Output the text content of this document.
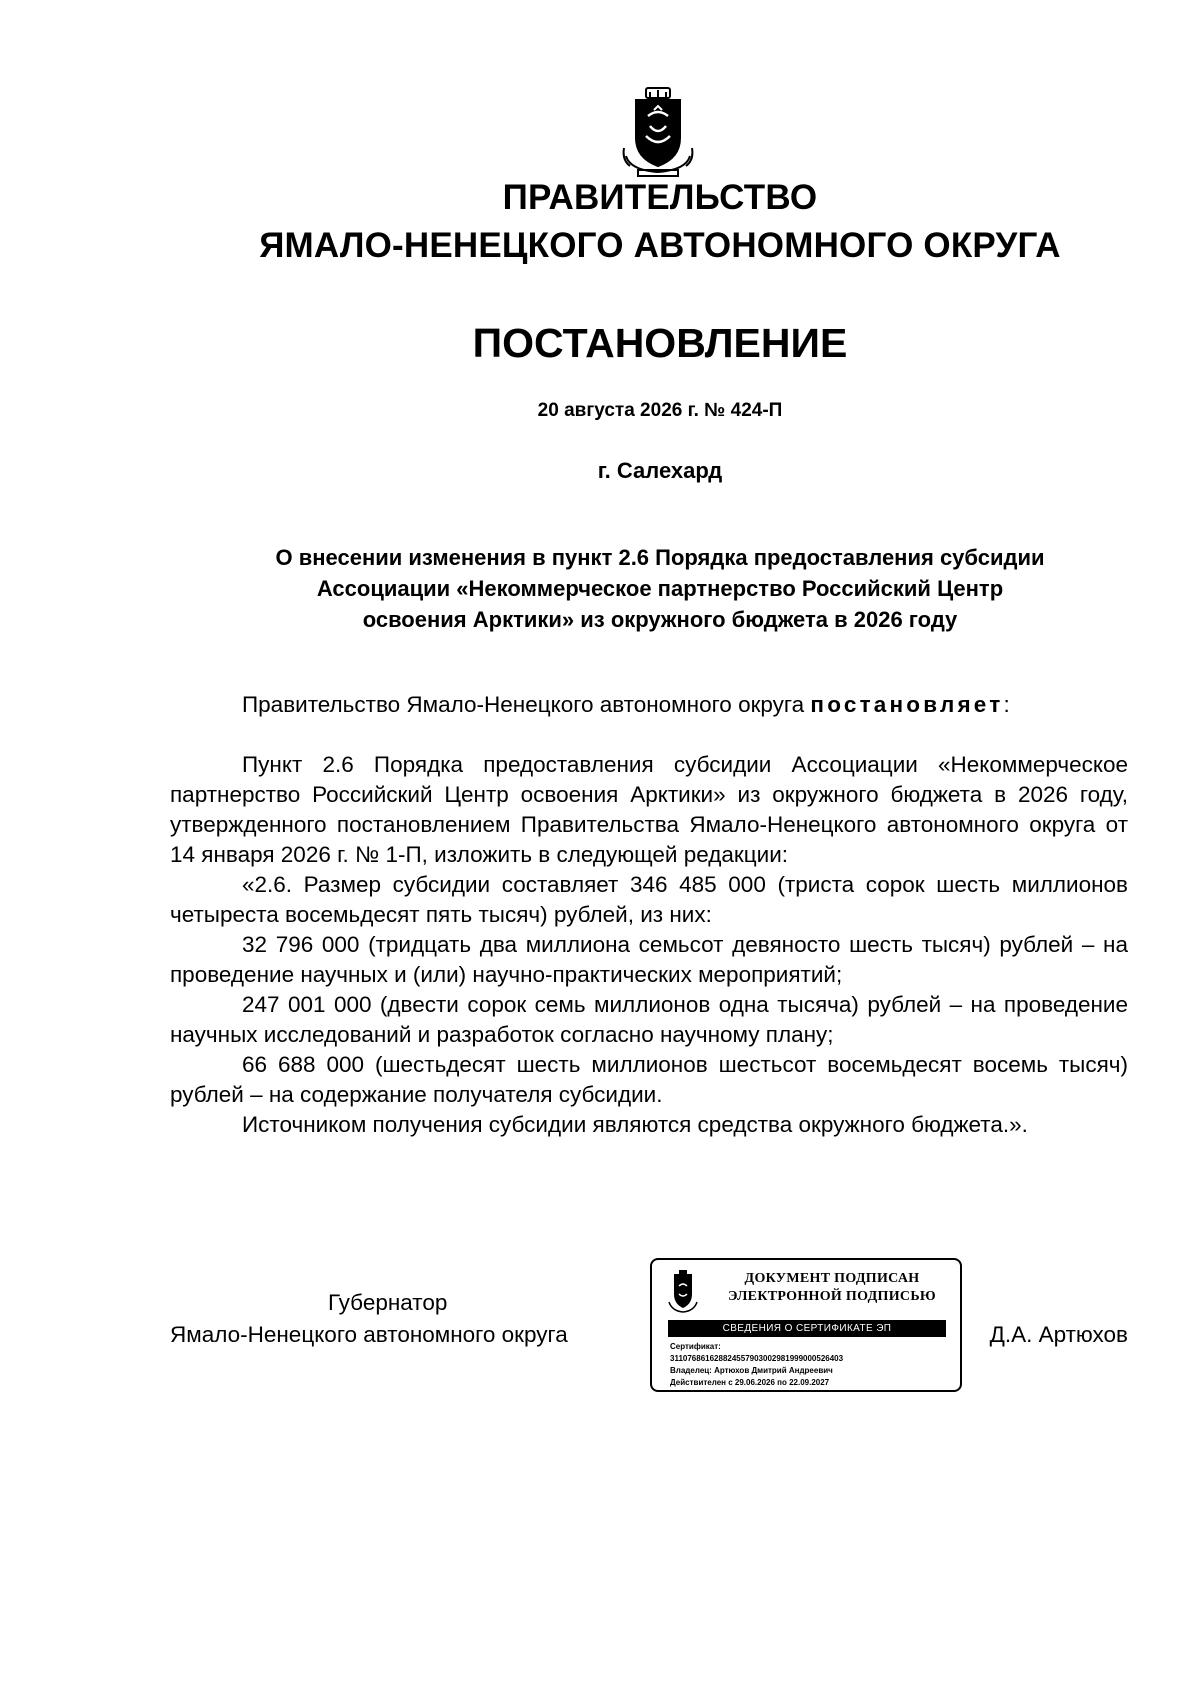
ПРАВИТЕЛЬСТВО
ЯМАЛО-НЕНЕЦКОГО АВТОНОМНОГО ОКРУГА
ПОСТАНОВЛЕНИЕ
20 августа 2026 г. № 424-П
г. Салехард
О внесении изменения в пункт 2.6 Порядка предоставления субсидии
Ассоциации «Некоммерческое партнерство Российский Центр
освоения Арктики» из окружного бюджета в 2026 году

Правительство Ямало-Ненецкого автономного округа постановляет:

Пункт 2.6 Порядка предоставления субсидии Ассоциации «Некоммерческое партнерство Российский Центр освоения Арктики» из окружного бюджета в 2026 году, утвержденного постановлением Правительства Ямало-Ненецкого автономного округа от 14 января 2026 г. № 1-П, изложить в следующей редакции:

«2.6. Размер субсидии составляет 346 485 000 (триста сорок шесть миллионов четыреста восемьдесят пять тысяч) рублей, из них:

32 796 000 (тридцать два миллиона семьсот девяносто шесть тысяч) рублей – на проведение научных и (или) научно-практических мероприятий;

247 001 000 (двести сорок семь миллионов одна тысяча) рублей – на проведение научных исследований и разработок согласно научному плану;

66 688 000 (шестьдесят шесть миллионов шестьсот восемьдесят восемь тысяч) рублей – на содержание получателя субсидии.

Источником получения субсидии являются средства окружного бюджета.».

Губернатор
Ямало-Ненецкого автономного округа
ДОКУМЕНТ ПОДПИСАН
ЭЛЕКТРОННОЙ ПОДПИСЬЮ
СВЕДЕНИЯ О СЕРТИФИКАТЕ ЭП
Сертификат:
311076861628824557903002981999000526403
Владелец: Артюхов Дмитрий Андреевич
Действителен с 29.06.2026 по 22.09.2027
Д.А. Артюхов
